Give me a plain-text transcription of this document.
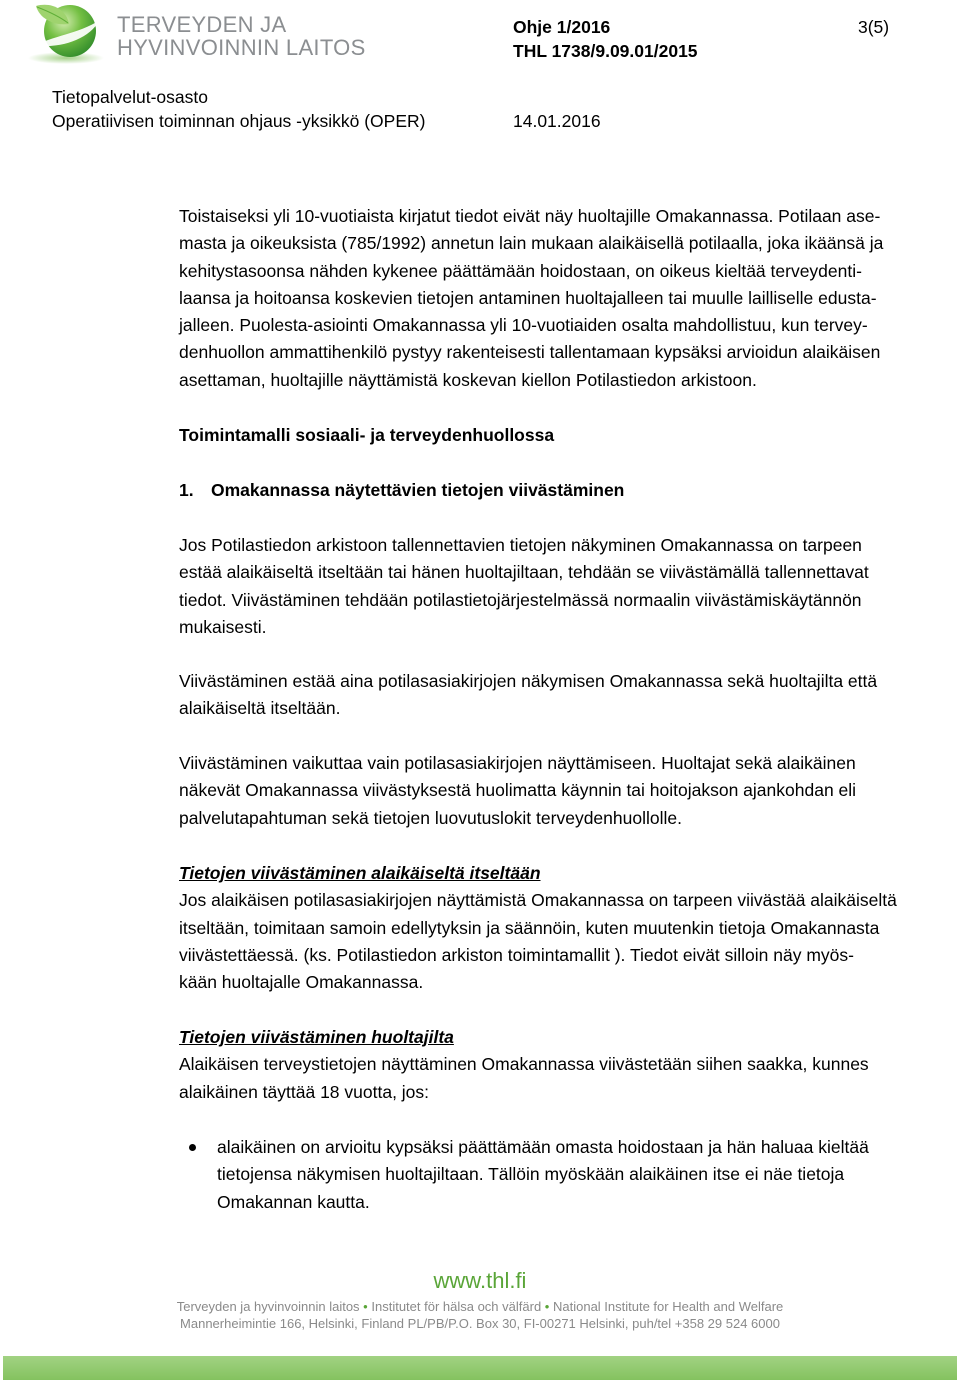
TERVEYDEN JA
HYVINVOINNIN LAITOS
Ohje 1/2016	3(5)
THL 1738/9.09.01/2015
Tietopalvelut-osasto
Operatiivisen toiminnan ohjaus -yksikkö (OPER)	14.01.2016
Toistaiseksi yli 10-vuotiaista kirjatut tiedot eivät näy huoltajille Omakannassa. Potilaan ase-
masta ja oikeuksista (785/1992) annetun lain mukaan alaikäisellä potilaalla, joka ikäänsä ja
kehitystasoonsa nähden kykenee päättämään hoidostaan, on oikeus kieltää terveydenti-
laansa ja hoitoansa koskevien tietojen antaminen huoltajalleen tai muulle lailliselle edusta-
jalleen. Puolesta-asiointi Omakannassa yli 10-vuotiaiden osalta mahdollistuu, kun tervey-
denhuollon ammattihenkilö pystyy rakenteisesti tallentamaan kypsäksi arvioidun alaikäisen
asettaman, huoltajille näyttämistä koskevan kiellon Potilastiedon arkistoon.
Toimintamalli sosiaali- ja terveydenhuollossa
1. Omakannassa näytettävien tietojen viivästäminen
Jos Potilastiedon arkistoon tallennettavien tietojen näkyminen Omakannassa on tarpeen
estää alaikäiseltä itseltään tai hänen huoltajiltaan, tehdään se viivästämällä tallennettavat
tiedot. Viivästäminen tehdään potilastietojärjestelmässä normaalin viivästämiskäytännön
mukaisesti.
Viivästäminen estää aina potilasasiakirjojen näkymisen Omakannassa sekä huoltajilta että
alaikäiseltä itseltään.
Viivästäminen vaikuttaa vain potilasasiakirjojen näyttämiseen. Huoltajat sekä alaikäinen
näkevät Omakannassa viivästyksestä huolimatta käynnin tai hoitojakson ajankohdan eli
palvelutapahtuman sekä tietojen luovutuslokit terveydenhuollolle.
Tietojen viivästäminen alaikäiseltä itseltään
Jos alaikäisen potilasasiakirjojen näyttämistä Omakannassa on tarpeen viivästää alaikäiseltä
itseltään, toimitaan samoin edellytyksin ja säännöin, kuten muutenkin tietoja Omakannasta
viivästettäessä. (ks. Potilastiedon arkiston toimintamallit ). Tiedot eivät silloin näy myös-
kään huoltajalle Omakannassa.
Tietojen viivästäminen huoltajilta
Alaikäisen terveystietojen näyttäminen Omakannassa viivästetään siihen saakka, kunnes
alaikäinen täyttää 18 vuotta, jos:
alaikäinen on arvioitu kypsäksi päättämään omasta hoidostaan ja hän haluaa kieltää
tietojensa näkymisen huoltajiltaan. Tällöin myöskään alaikäinen itse ei näe tietoja
Omakannan kautta.
www.thl.fi
Terveyden ja hyvinvoinnin laitos • Institutet för hälsa och välfärd • National Institute for Health and Welfare
Mannerheimintie 166, Helsinki, Finland PL/PB/P.O. Box 30, FI-00271 Helsinki, puh/tel +358 29 524 6000
